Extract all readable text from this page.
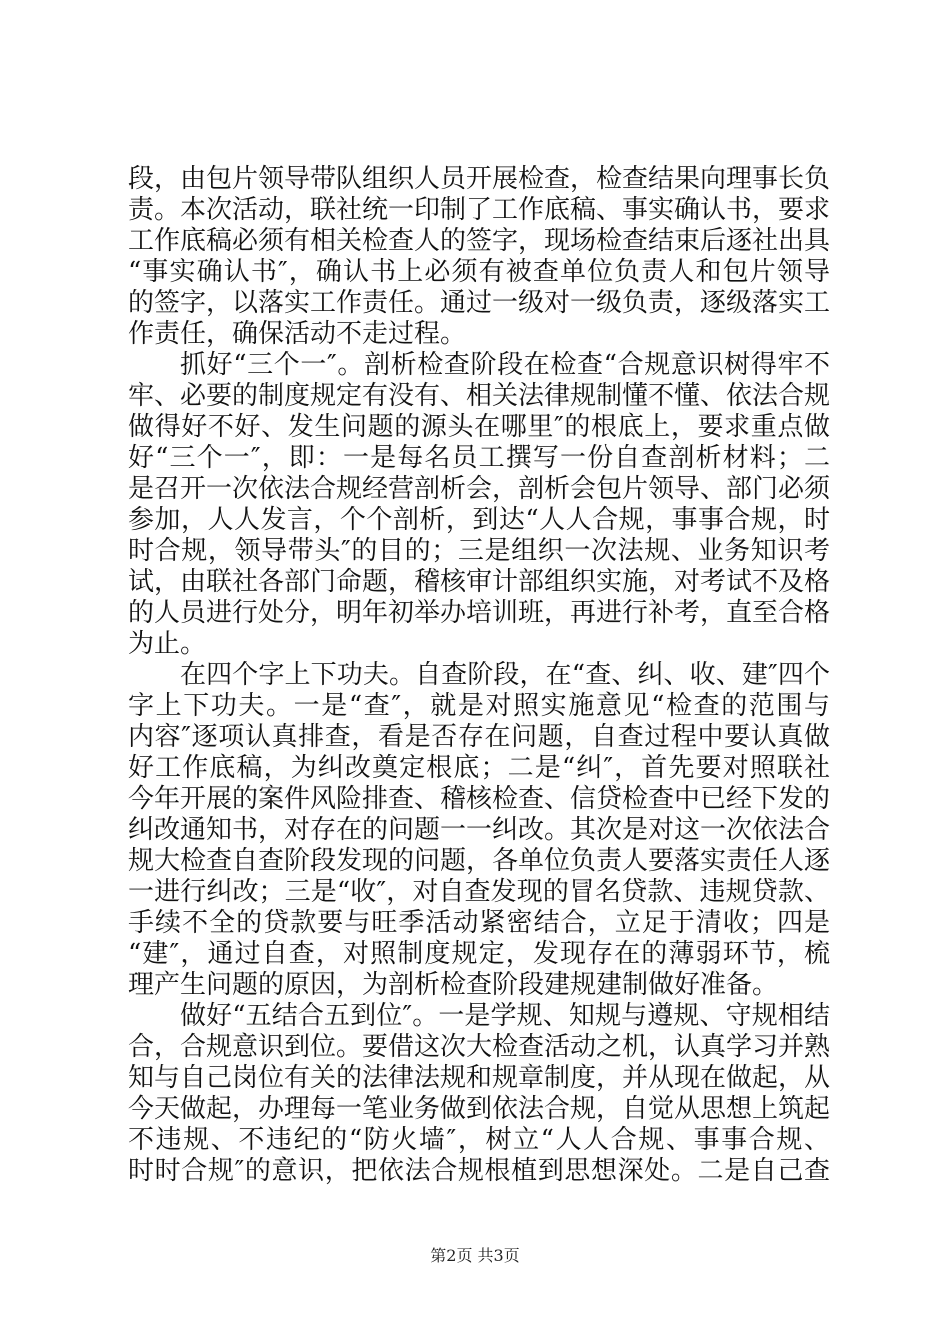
段，由包片领导带队组织人员开展检查，检查结果向理事长负
责。本次活动，联社统一印制了工作底稿、事实确认书，要求
工作底稿必须有相关检查人的签字，现场检查结束后逐社出具
“事实确认书″，确认书上必须有被查单位负责人和包片领导
的签字，以落实工作责任。通过一级对一级负责，逐级落实工
作责任，确保活动不走过程。
抓好“三个一″。剖析检查阶段在检查“合规意识树得牢不
牢、必要的制度规定有没有、相关法律规制懂不懂、依法合规
做得好不好、发生问题的源头在哪里″的根底上，要求重点做
好“三个一″，即：一是每名员工撰写一份自查剖析材料；二
是召开一次依法合规经营剖析会，剖析会包片领导、部门必须
参加，人人发言，个个剖析，到达“人人合规，事事合规，时
时合规，领导带头″的目的；三是组织一次法规、业务知识考
试，由联社各部门命题，稽核审计部组织实施，对考试不及格
的人员进行处分，明年初举办培训班，再进行补考，直至合格
为止。
在四个字上下功夫。自查阶段，在“查、纠、收、建″四个
字上下功夫。一是“查″，就是对照实施意见“检查的范围与
内容″逐项认真排查，看是否存在问题，自查过程中要认真做
好工作底稿，为纠改奠定根底；二是“纠″，首先要对照联社
今年开展的案件风险排查、稽核检查、信贷检查中已经下发的
纠改通知书，对存在的问题一一纠改。其次是对这一次依法合
规大检查自查阶段发现的问题，各单位负责人要落实责任人逐
一进行纠改；三是“收″，对自查发现的冒名贷款、违规贷款、
手续不全的贷款要与旺季活动紧密结合，立足于清收；四是
“建″，通过自查，对照制度规定，发现存在的薄弱环节，梳
理产生问题的原因，为剖析检查阶段建规建制做好准备。
做好“五结合五到位″。一是学规、知规与遵规、守规相结
合，合规意识到位。要借这次大检查活动之机，认真学习并熟
知与自己岗位有关的法律法规和规章制度，并从现在做起，从
今天做起，办理每一笔业务做到依法合规，自觉从思想上筑起
不违规、不违纪的“防火墙″，树立“人人合规、事事合规、
时时合规″的意识，把依法合规根植到思想深处。二是自己查
第2页 共3页
